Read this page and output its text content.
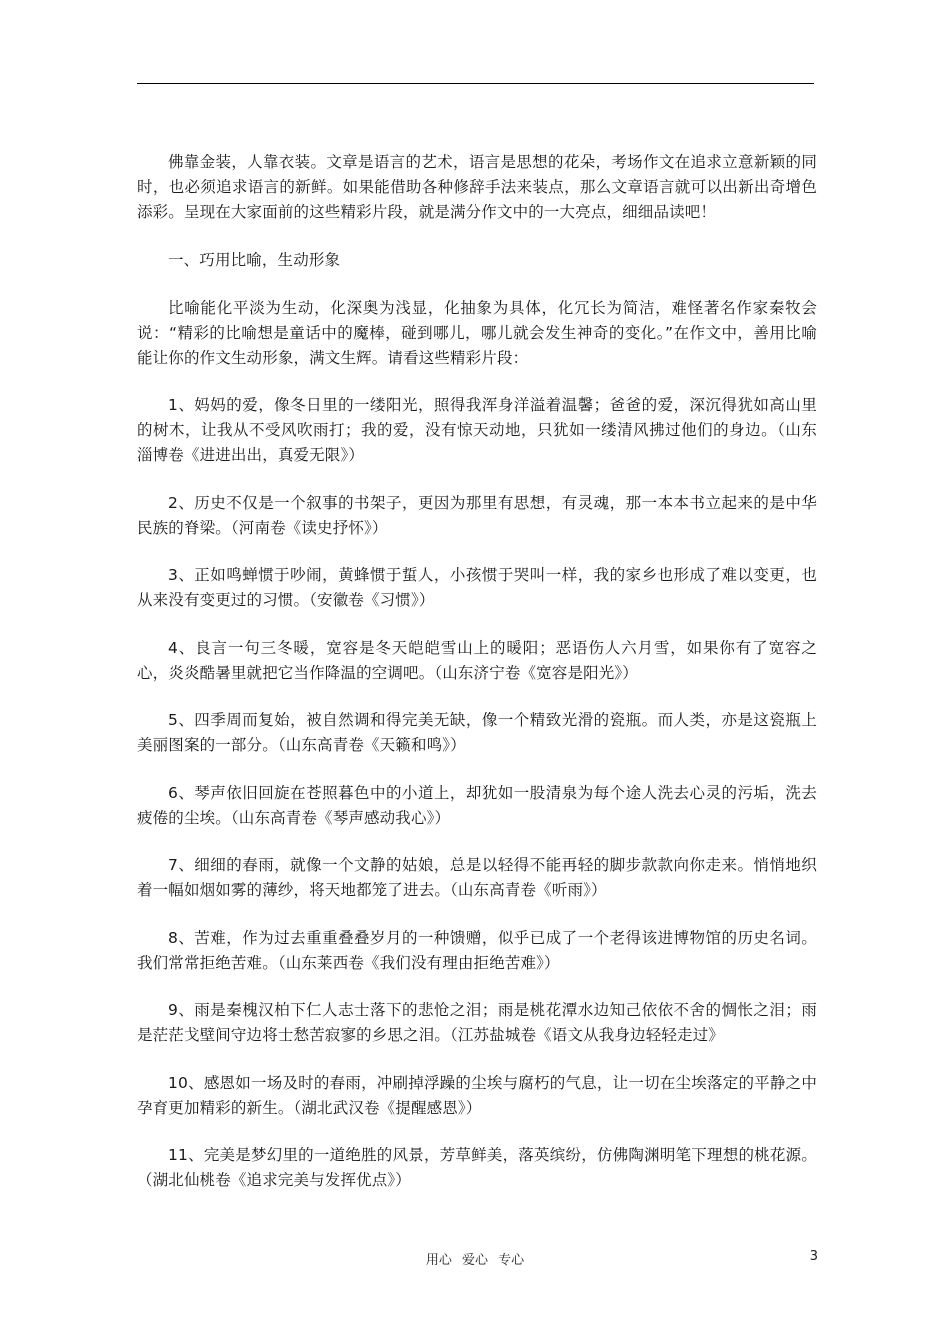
佛靠金装，人靠衣装。文章是语言的艺术，语言是思想的花朵，考场作文在追求立意新颖的同时，也必须追求语言的新鲜。如果能借助各种修辞手法来装点，那么文章语言就可以出新出奇增色添彩。呈现在大家面前的这些精彩片段，就是满分作文中的一大亮点，细细品读吧！

一、巧用比喻，生动形象

比喻能化平淡为生动，化深奥为浅显，化抽象为具体，化冗长为简洁，难怪著名作家秦牧会说：“精彩的比喻想是童话中的魔棒，碰到哪儿，哪儿就会发生神奇的变化。”在作文中，善用比喻能让你的作文生动形象，满文生辉。请看这些精彩片段：

1、妈妈的爱，像冬日里的一缕阳光，照得我浑身洋溢着温馨；爸爸的爱，深沉得犹如高山里的树木，让我从不受风吹雨打；我的爱，没有惊天动地，只犹如一缕清风拂过他们的身边。（山东淄博卷《进进出出，真爱无限》）

2、历史不仅是一个叙事的书架子，更因为那里有思想，有灵魂，那一本本书立起来的是中华民族的脊梁。（河南卷《读史抒怀》）

3、正如鸣蝉惯于吵闹，黄蜂惯于蜇人，小孩惯于哭叫一样，我的家乡也形成了难以变更，也从来没有变更过的习惯。（安徽卷《习惯》）

4、良言一句三冬暖，宽容是冬天皑皑雪山上的暖阳；恶语伤人六月雪，如果你有了宽容之心，炎炎酷暑里就把它当作降温的空调吧。（山东济宁卷《宽容是阳光》）

5、四季周而复始，被自然调和得完美无缺，像一个精致光滑的瓷瓶。而人类，亦是这瓷瓶上美丽图案的一部分。（山东高青卷《天籁和鸣》）

6、琴声依旧回旋在苍照暮色中的小道上，却犹如一股清泉为每个途人洗去心灵的污垢，洗去疲倦的尘埃。（山东高青卷《琴声感动我心》）

7、细细的春雨，就像一个文静的姑娘，总是以轻得不能再轻的脚步款款向你走来。悄悄地织着一幅如烟如雾的薄纱，将天地都笼了进去。（山东高青卷《听雨》）

8、苦难，作为过去重重叠叠岁月的一种馈赠，似乎已成了一个老得该进博物馆的历史名词。我们常常拒绝苦难。（山东莱西卷《我们没有理由拒绝苦难》）

9、雨是秦槐汉柏下仁人志士落下的悲怆之泪；雨是桃花潭水边知己依依不舍的惆怅之泪；雨是茫茫戈壁间守边将士愁苦寂寥的乡思之泪。（江苏盐城卷《语文从我身边轻轻走过》

10、感恩如一场及时的春雨，冲刷掉浮躁的尘埃与腐朽的气息，让一切在尘埃落定的平静之中孕育更加精彩的新生。（湖北武汉卷《提醒感恩》）

11、完美是梦幻里的一道绝胜的风景，芳草鲜美，落英缤纷，仿佛陶渊明笔下理想的桃花源。（湖北仙桃卷《追求完美与发挥优点》）

用心 爱心 专心	3
